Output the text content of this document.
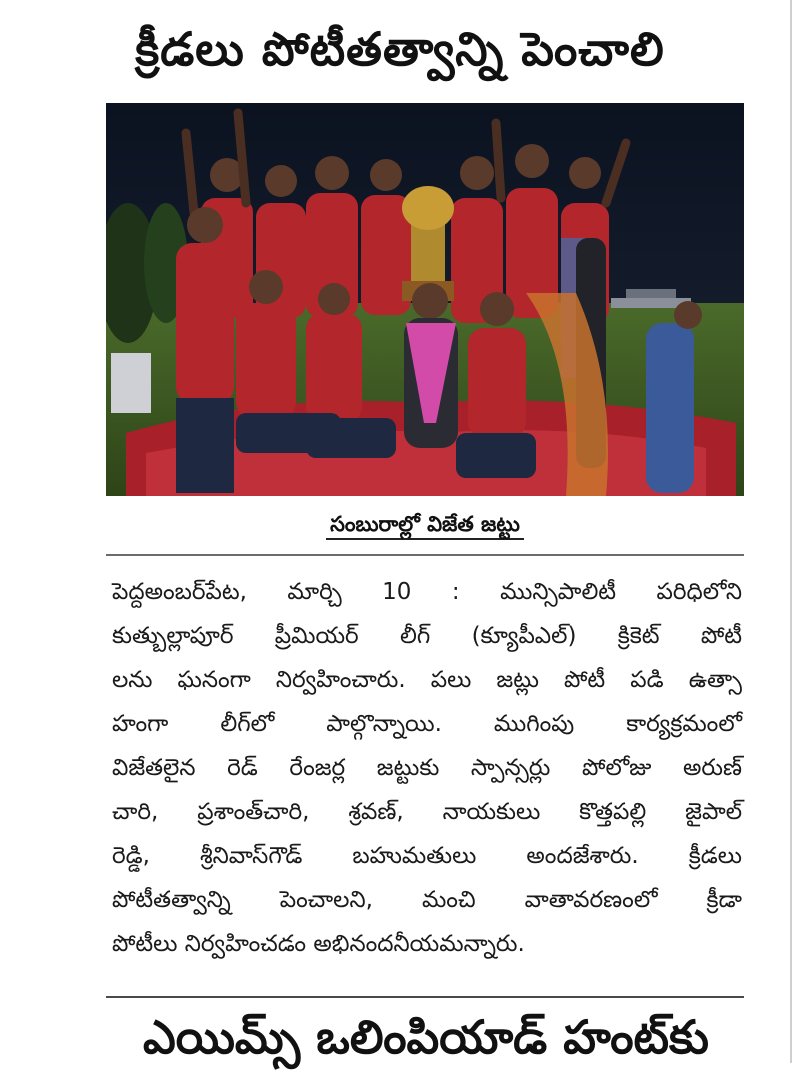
క్రీడలు పోటీతత్వాన్ని పెంచాలి
సంబురాల్లో విజేత జట్టు
పెద్దఅంబర్‌పేట, మార్చి 10 : మున్సిపాలిటీ పరిధిలోని
కుత్బుల్లాపూర్ ప్రీమియర్ లీగ్ (క్యూపీఎల్) క్రికెట్ పోటీ
లను ఘనంగా నిర్వహించారు. పలు జట్లు పోటీ పడి ఉత్సా
హంగా లీగ్‌లో పాల్గొన్నాయి. ముగింపు కార్యక్రమంలో
విజేతలైన రెడ్ రేంజర్ల జట్టుకు స్పాన్సర్లు పోలోజు అరుణ్
చారి, ప్రశాంత్‌చారి, శ్రవణ్, నాయకులు కొత్తపల్లి జైపాల్
రెడ్డి, శ్రీనివాస్‌గౌడ్ బహుమతులు అందజేశారు. క్రీడలు
పోటీతత్వాన్ని పెంచాలని, మంచి వాతావరణంలో క్రీడా
పోటీలు నిర్వహించడం అభినందనీయమన్నారు.
ఎయిమ్స్ ఒలింపియాడ్ హంట్‌కు
